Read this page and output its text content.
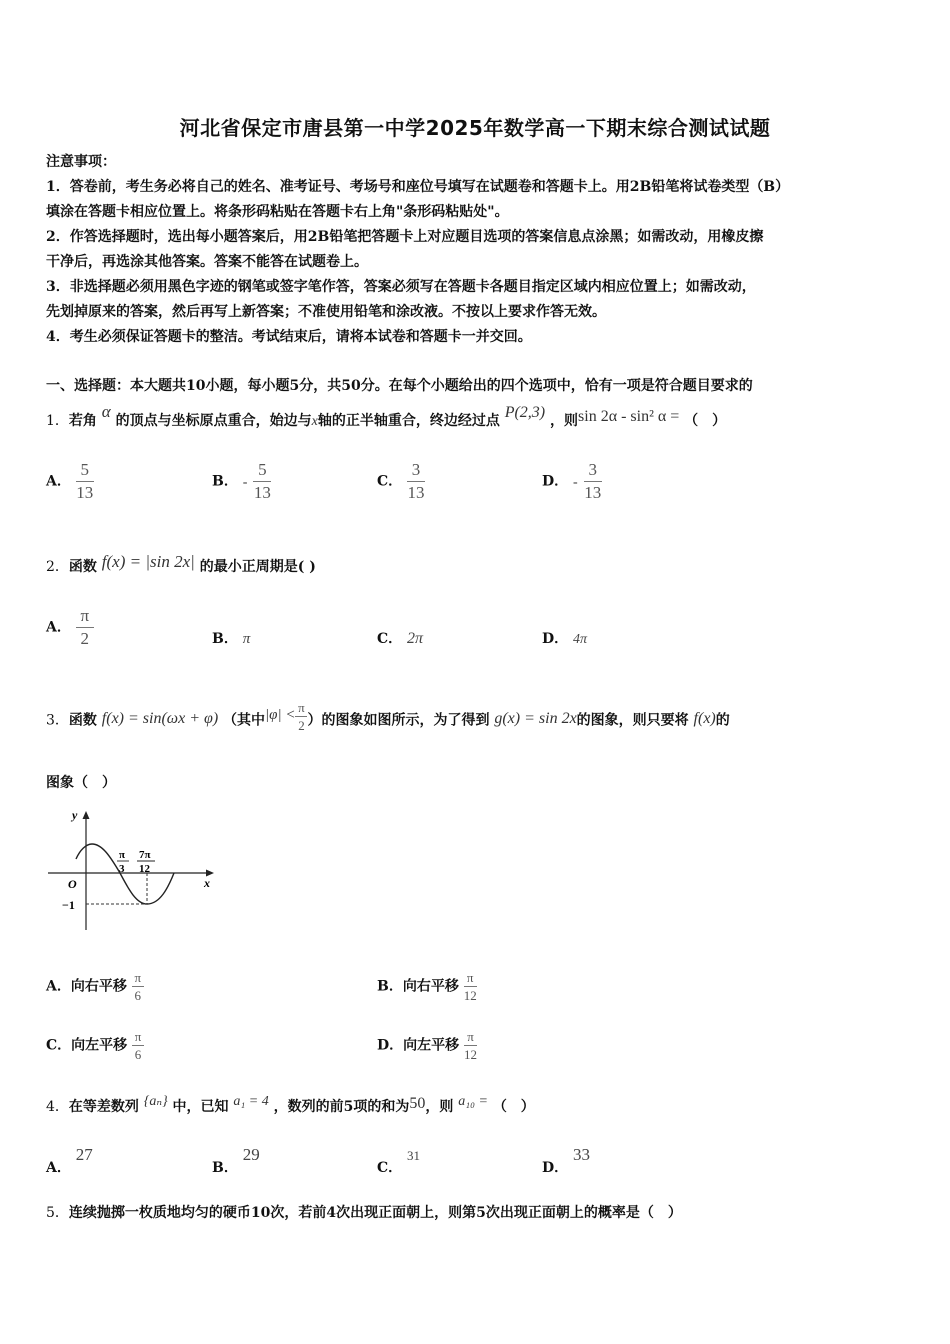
河北省保定市唐县第一中学2025年数学高一下期末综合测试试题
注意事项：
1．答卷前，考生务必将自己的姓名、准考证号、考场号和座位号填写在试题卷和答题卡上。用2B铅笔将试卷类型（B）
填涂在答题卡相应位置上。将条形码粘贴在答题卡右上角"条形码粘贴处"。
2．作答选择题时，选出每小题答案后，用2B铅笔把答题卡上对应题目选项的答案信息点涂黑；如需改动，用橡皮擦
干净后，再选涂其他答案。答案不能答在试题卷上。
3．非选择题必须用黑色字迹的钢笔或签字笔作答，答案必须写在答题卡各题目指定区域内相应位置上；如需改动，
先划掉原来的答案，然后再写上新答案；不准使用铅笔和涂改液。不按以上要求作答无效。
4．考生必须保证答题卡的整洁。考试结束后，请将本试卷和答题卡一并交回。
一、选择题：本大题共10小题，每小题5分，共50分。在每个小题给出的四个选项中，恰有一项是符合题目要求的
1．若角 α 的顶点与坐标原点重合，始边与x轴的正半轴重合，终边经过点 P(2,3) ，则sin 2α - sin² α = （　）
A． $\frac{5}{13}$	B． - $\frac{5}{13}$	C． $\frac{3}{13}$	D． - $\frac{3}{13}$
2．函数 f(x) = |sin 2x| 的最小正周期是( )
A． $\frac{\pi}{2}$	B． π	C． 2π	D． 4π
3．函数 f(x) = sin(ωx + φ) （其中$|\varphi| < \frac{\pi}{2}$ ）的图象如图所示，为了得到 g(x) = sin 2x的图象，则只要将 f(x)的
图象（　）
y
x
O
−1
π
3
7π
12
A．向右平移 $\frac{\pi}{6}$	B．向右平移 $\frac{\pi}{12}$
C．向左平移 $\frac{\pi}{6}$	D．向左平移 $\frac{\pi}{12}$
4．在等差数列 {aₙ} 中，已知 a₁ = 4 ，数列的前5项的和为50，则 a₁₀ = （　）
A． 27
B． 29
C． 31
D． 33
5．连续抛掷一枚质地均匀的硬币10次，若前4次出现正面朝上，则第5次出现正面朝上的概率是（　）
